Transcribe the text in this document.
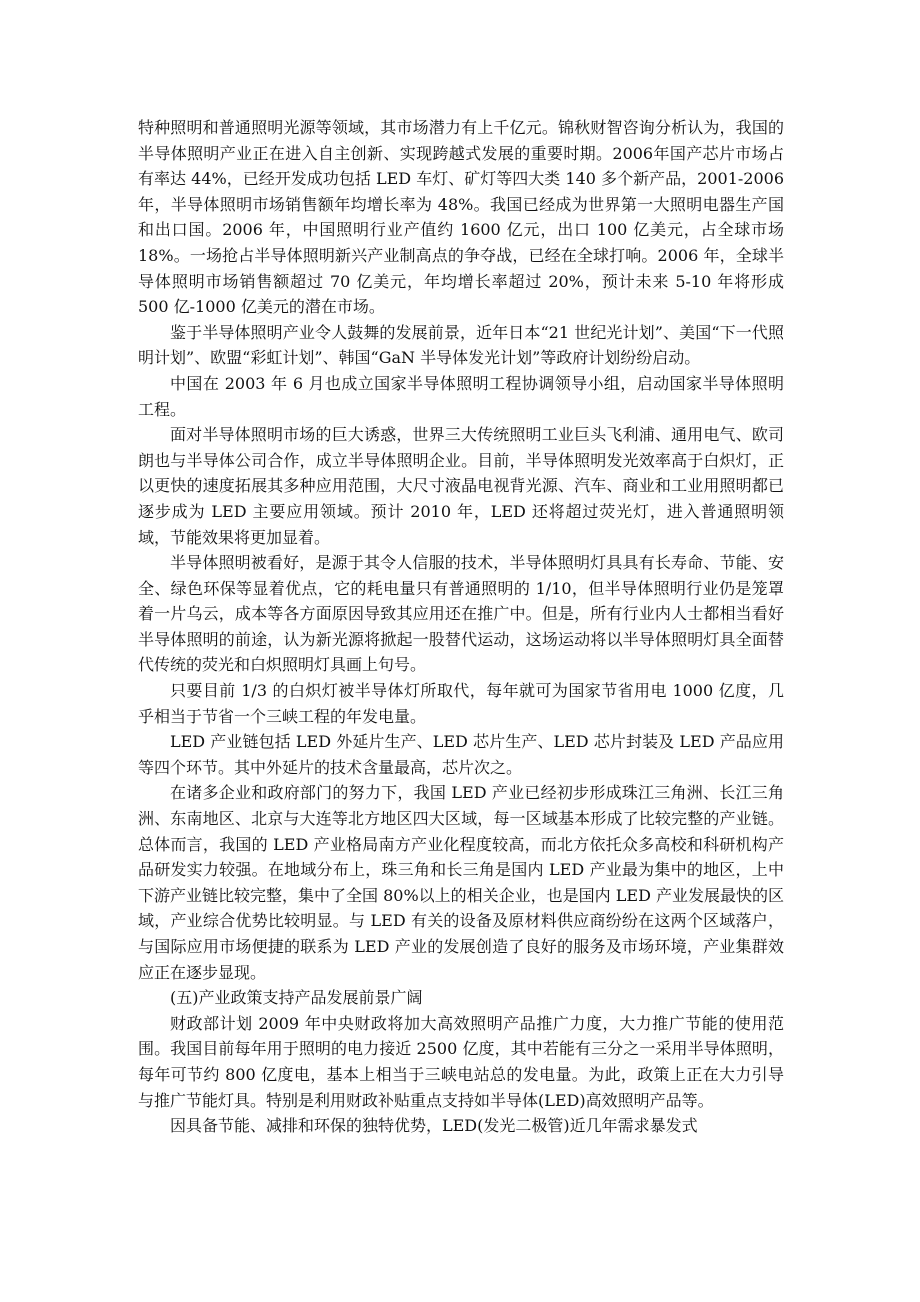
特种照明和普通照明光源等领域，其市场潜力有上千亿元。锦秋财智咨询分析认为，我国的半导体照明产业正在进入自主创新、实现跨越式发展的重要时期。2006年国产芯片市场占有率达 44%，已经开发成功包括 LED 车灯、矿灯等四大类 140 多个新产品，2001-2006 年，半导体照明市场销售额年均增长率为 48%。我国已经成为世界第一大照明电器生产国和出口国。2006 年，中国照明行业产值约 1600 亿元，出口 100 亿美元，占全球市场 18%。一场抢占半导体照明新兴产业制高点的争夺战，已经在全球打响。2006 年，全球半导体照明市场销售额超过 70 亿美元，年均增长率超过 20%，预计未来 5-10 年将形成 500 亿-1000 亿美元的潜在市场。

鉴于半导体照明产业令人鼓舞的发展前景，近年日本“21 世纪光计划”、美国“下一代照明计划”、欧盟“彩虹计划”、韩国“GaN 半导体发光计划”等政府计划纷纷启动。

中国在 2003 年 6 月也成立国家半导体照明工程协调领导小组，启动国家半导体照明工程。

面对半导体照明市场的巨大诱惑，世界三大传统照明工业巨头飞利浦、通用电气、欧司朗也与半导体公司合作，成立半导体照明企业。目前，半导体照明发光效率高于白炽灯，正以更快的速度拓展其多种应用范围，大尺寸液晶电视背光源、汽车、商业和工业用照明都已逐步成为 LED 主要应用领域。预计 2010 年，LED 还将超过荧光灯，进入普通照明领域，节能效果将更加显着。

半导体照明被看好，是源于其令人信服的技术，半导体照明灯具具有长寿命、节能、安全、绿色环保等显着优点，它的耗电量只有普通照明的 1/10，但半导体照明行业仍是笼罩着一片乌云，成本等各方面原因导致其应用还在推广中。但是，所有行业内人士都相当看好半导体照明的前途，认为新光源将掀起一股替代运动，这场运动将以半导体照明灯具全面替代传统的荧光和白炽照明灯具画上句号。

只要目前 1/3 的白炽灯被半导体灯所取代，每年就可为国家节省用电 1000 亿度，几乎相当于节省一个三峡工程的年发电量。

LED 产业链包括 LED 外延片生产、LED 芯片生产、LED 芯片封装及 LED 产品应用等四个环节。其中外延片的技术含量最高，芯片次之。

在诸多企业和政府部门的努力下，我国 LED 产业已经初步形成珠江三角洲、长江三角洲、东南地区、北京与大连等北方地区四大区域，每一区域基本形成了比较完整的产业链。总体而言，我国的 LED 产业格局南方产业化程度较高，而北方依托众多高校和科研机构产品研发实力较强。在地域分布上，珠三角和长三角是国内 LED 产业最为集中的地区，上中下游产业链比较完整，集中了全国 80%以上的相关企业，也是国内 LED 产业发展最快的区域，产业综合优势比较明显。与 LED 有关的设备及原材料供应商纷纷在这两个区域落户，与国际应用市场便捷的联系为 LED 产业的发展创造了良好的服务及市场环境，产业集群效应正在逐步显现。

(五)产业政策支持产品发展前景广阔

财政部计划 2009 年中央财政将加大高效照明产品推广力度，大力推广节能的使用范围。我国目前每年用于照明的电力接近 2500 亿度，其中若能有三分之一采用半导体照明，每年可节约 800 亿度电，基本上相当于三峡电站总的发电量。为此，政策上正在大力引导与推广节能灯具。特别是利用财政补贴重点支持如半导体(LED)高效照明产品等。

因具备节能、减排和环保的独特优势，LED(发光二极管)近几年需求暴发式
